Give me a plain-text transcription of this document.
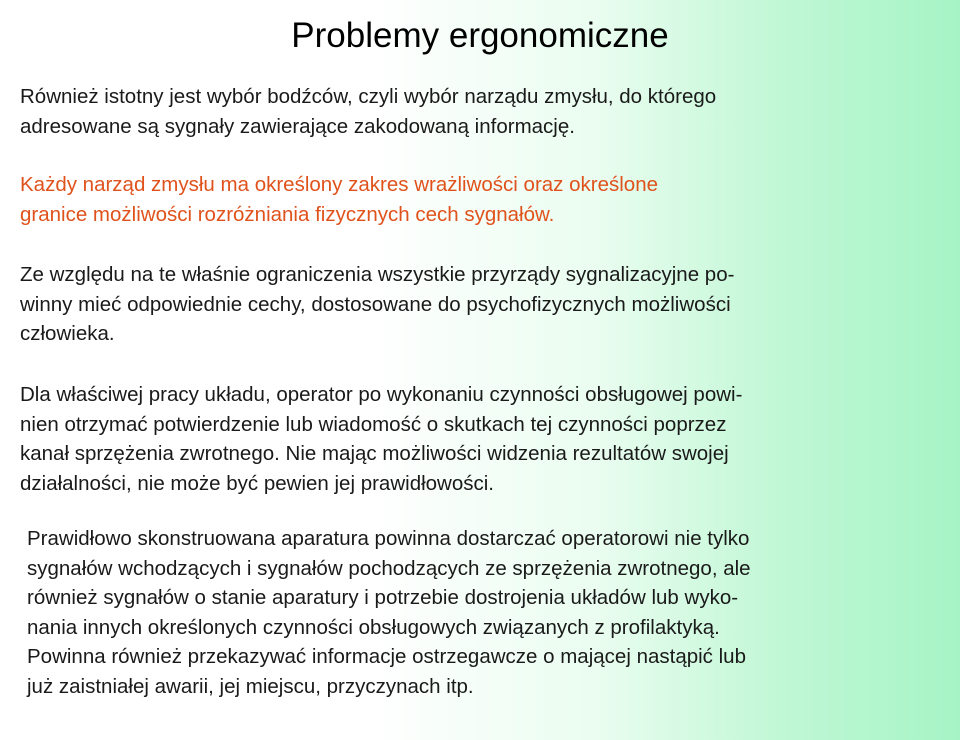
Problemy ergonomiczne

Również istotny jest wybór bodźców, czyli wybór narządu zmysłu, do którego
adresowane są sygnały zawierające zakodowaną informację.

Każdy narząd zmysłu ma określony zakres wrażliwości oraz określone
granice możliwości rozróżniania fizycznych cech sygnałów.

Ze względu na te właśnie ograniczenia wszystkie przyrządy sygnalizacyjne po-
winny mieć odpowiednie cechy, dostosowane do psychofizycznych możliwości
człowieka.

Dla właściwej pracy układu, operator po wykonaniu czynności obsługowej powi-
nien otrzymać potwierdzenie lub wiadomość o skutkach tej czynności poprzez
kanał sprzężenia zwrotnego. Nie mając możliwości widzenia rezultatów swojej
działalności, nie może być pewien jej prawidłowości.

Prawidłowo skonstruowana aparatura powinna dostarczać operatorowi nie tylko
sygnałów wchodzących i sygnałów pochodzących ze sprzężenia zwrotnego, ale
również sygnałów o stanie aparatury i potrzebie dostrojenia układów lub wyko-
nania innych określonych czynności obsługowych związanych z profilaktyką.
Powinna również przekazywać informacje ostrzegawcze o mającej nastąpić lub
już zaistniałej awarii, jej miejscu, przyczynach itp.
